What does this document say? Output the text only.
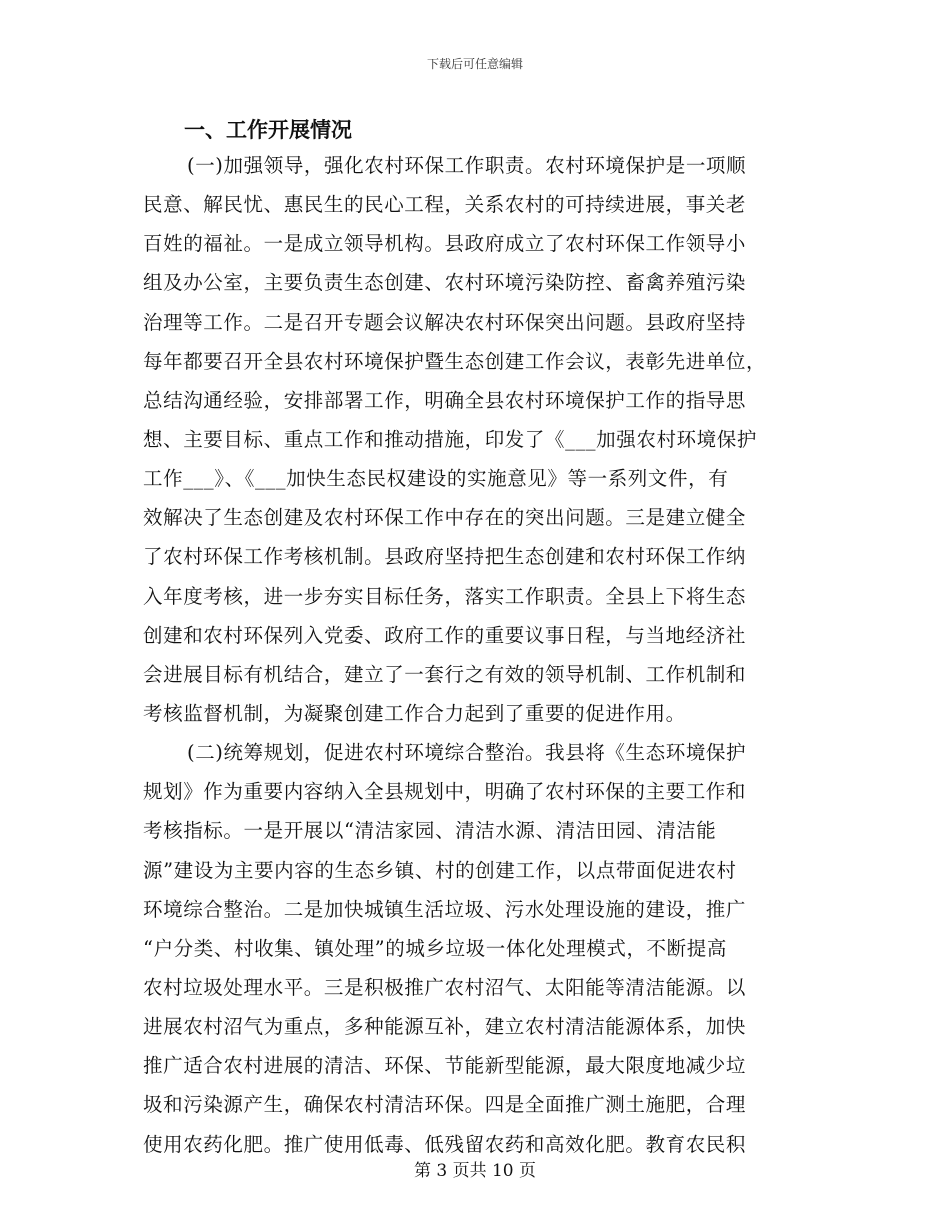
下载后可任意编辑
一、工作开展情况
(一)加强领导，强化农村环保工作职责。农村环境保护是一项顺
民意、解民忧、惠民生的民心工程，关系农村的可持续进展，事关老
百姓的福祉。一是成立领导机构。县政府成立了农村环保工作领导小
组及办公室，主要负责生态创建、农村环境污染防控、畜禽养殖污染
治理等工作。二是召开专题会议解决农村环保突出问题。县政府坚持
每年都要召开全县农村环境保护暨生态创建工作会议，表彰先进单位，
总结沟通经验，安排部署工作，明确全县农村环境保护工作的指导思
想、主要目标、重点工作和推动措施，印发了《___加强农村环境保护
工作___》、《___加快生态民权建设的实施意见》等一系列文件，有
效解决了生态创建及农村环保工作中存在的突出问题。三是建立健全
了农村环保工作考核机制。县政府坚持把生态创建和农村环保工作纳
入年度考核，进一步夯实目标任务，落实工作职责。全县上下将生态
创建和农村环保列入党委、政府工作的重要议事日程，与当地经济社
会进展目标有机结合，建立了一套行之有效的领导机制、工作机制和
考核监督机制，为凝聚创建工作合力起到了重要的促进作用。
(二)统筹规划，促进农村环境综合整治。我县将《生态环境保护
规划》作为重要内容纳入全县规划中，明确了农村环保的主要工作和
考核指标。一是开展以“清洁家园、清洁水源、清洁田园、清洁能
源”建设为主要内容的生态乡镇、村的创建工作，以点带面促进农村
环境综合整治。二是加快城镇生活垃圾、污水处理设施的建设，推广
“户分类、村收集、镇处理”的城乡垃圾一体化处理模式，不断提高
农村垃圾处理水平。三是积极推广农村沼气、太阳能等清洁能源。以
进展农村沼气为重点，多种能源互补，建立农村清洁能源体系，加快
推广适合农村进展的清洁、环保、节能新型能源，最大限度地减少垃
圾和污染源产生，确保农村清洁环保。四是全面推广测土施肥，合理
使用农药化肥。推广使用低毒、低残留农药和高效化肥。教育农民积
第 3 页共 10 页
